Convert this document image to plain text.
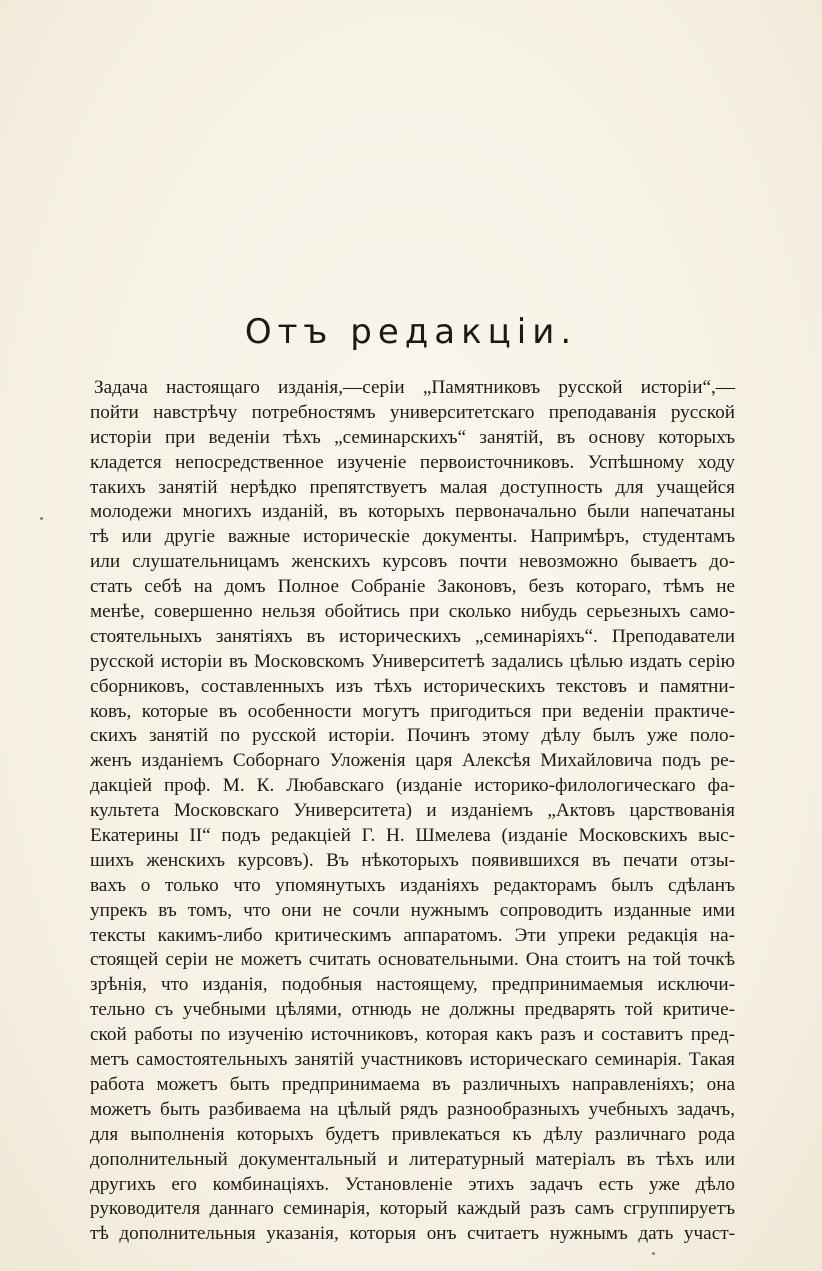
Отъ редакціи.
Задача настоящаго изданія,—серіи „Памятниковъ русской исторіи“,—
пойти навстрѣчу потребностямъ университетскаго преподаванія русской
исторіи при веденіи тѣхъ „семинарскихъ“ занятій, въ основу которыхъ
кладется непосредственное изученіе первоисточниковъ. Успѣшному ходу
такихъ занятій нерѣдко препятствуетъ малая доступность для учащейся
молодежи многихъ изданій, въ которыхъ первоначально были напечатаны
тѣ или другіе важные историческіе документы. Напримѣръ, студентамъ
или слушательницамъ женскихъ курсовъ почти невозможно бываетъ до-
стать себѣ на домъ Полное Собраніе Законовъ, безъ котораго, тѣмъ не
менѣе, совершенно нельзя обойтись при сколько нибудь серьезныхъ само-
стоятельныхъ занятіяхъ въ историческихъ „семинаріяхъ“. Преподаватели
русской исторіи въ Московскомъ Университетѣ задались цѣлью издать серію
сборниковъ, составленныхъ изъ тѣхъ историческихъ текстовъ и памятни-
ковъ, которые въ особенности могутъ пригодиться при веденіи практиче-
скихъ занятій по русской исторіи. Починъ этому дѣлу былъ уже поло-
женъ изданіемъ Соборнаго Уложенія царя Алексѣя Михайловича подъ ре-
дакціей проф. М. К. Любавскаго (изданіе историко-филологическаго фа-
культета Московскаго Университета) и изданіемъ „Актовъ царствованія
Екатерины II“ подъ редакціей Г. Н. Шмелева (изданіе Московскихъ выс-
шихъ женскихъ курсовъ). Въ нѣкоторыхъ появившихся въ печати отзы-
вахъ о только что упомянутыхъ изданіяхъ редакторамъ былъ сдѣланъ
упрекъ въ томъ, что они не сочли нужнымъ сопроводить изданные ими
тексты какимъ-либо критическимъ аппаратомъ. Эти упреки редакція на-
стоящей серіи не можетъ считать основательными. Она стоитъ на той точкѣ
зрѣнія, что изданія, подобныя настоящему, предпринимаемыя исключи-
тельно съ учебными цѣлями, отнюдь не должны предварять той критиче-
ской работы по изученію источниковъ, которая какъ разъ и составитъ пред-
метъ самостоятельныхъ занятій участниковъ историческаго семинарія. Такая
работа можетъ быть предпринимаема въ различныхъ направленіяхъ; она
можетъ быть разбиваема на цѣлый рядъ разнообразныхъ учебныхъ задачъ,
для выполненія которыхъ будетъ привлекаться къ дѣлу различнаго рода
дополнительный документальный и литературный матеріалъ въ тѣхъ или
другихъ его комбинаціяхъ. Установленіе этихъ задачъ есть уже дѣло
руководителя даннаго семинарія, который каждый разъ самъ сгруппируетъ
тѣ дополнительныя указанія, которыя онъ считаетъ нужнымъ дать участ-
